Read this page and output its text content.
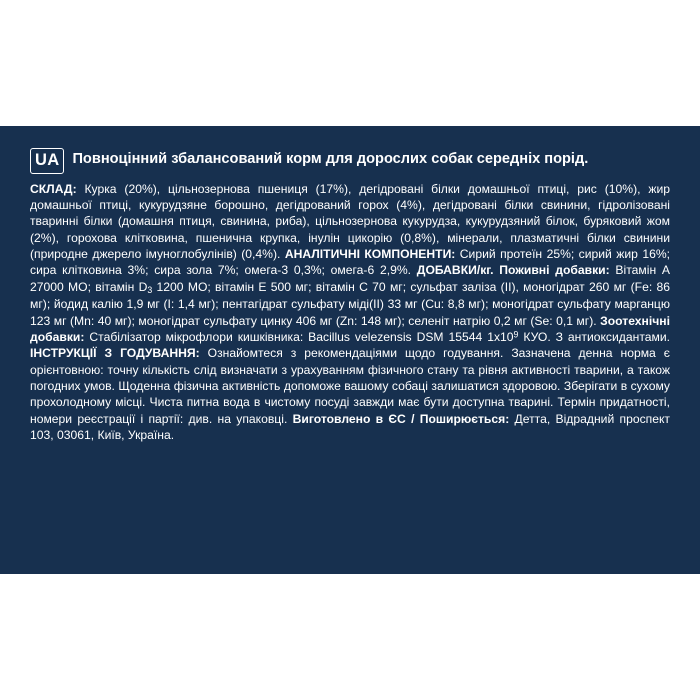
UA Повноцінний збалансований корм для дорослих собак середніх порід.

СКЛАД: Курка (20%), цільнозернова пшениця (17%), дегідровані білки домашньої птиці, рис (10%), жир домашньої птиці, кукурудзяне борошно, дегідрований горох (4%), дегідровані білки свинини, гідролізовані тваринні білки (домашня птиця, свинина, риба), цільнозернова кукурудза, кукурудзяний білок, буряковий жом (2%), горохова клітковина, пшенична крупка, інулін цикорію (0,8%), мінерали, плазматичні білки свинини (природне джерело імуноглобулінів) (0,4%). АНАЛІТИЧНІ КОМПОНЕНТИ: Сирий протеїн 25%; сирий жир 16%; сира клітковина 3%; сира зола 7%; омега-3 0,3%; омега-6 2,9%. ДОБАВКИ/кг. Поживні добавки: Вітамін А 27000 МО; вітамін $D_3$ 1200 МО; вітамін Е 500 мг; вітамін С 70 мг; сульфат заліза (ІІ), моногідрат 260 мг (Fe: 86 мг); йодид калію 1,9 мг (I: 1,4 мг); пентагідрат сульфату міді(II) 33 мг (Cu: 8,8 мг); моногідрат сульфату марганцю 123 мг (Mn: 40 мг); моногідрат сульфату цинку 406 мг (Zn: 148 мг); селеніт натрію 0,2 мг (Se: 0,1 мг). Зоотехнічні добавки: Стабілізатор мікрофлори кишківника: Bacillus velezensis DSM 15544 $1x10^9$ КУО. З антиоксидантами. ІНСТРУКЦІЇ З ГОДУВАННЯ: Ознайомтеся з рекомендаціями щодо годування. Зазначена денна норма є орієнтовною: точну кількість слід визначати з урахуванням фізичного стану та рівня активності тварини, а також погодних умов. Щоденна фізична активність допоможе вашому собаці залишатися здоровою. Зберігати в сухому прохолодному місці. Чиста питна вода в чистому посуді завжди має бути доступна тварині. Термін придатності, номери реєстрації і партії: див. на упаковці. Виготовлено в ЄС / Поширюється: Детта, Відрадний проспект 103, 03061, Київ, Україна.
